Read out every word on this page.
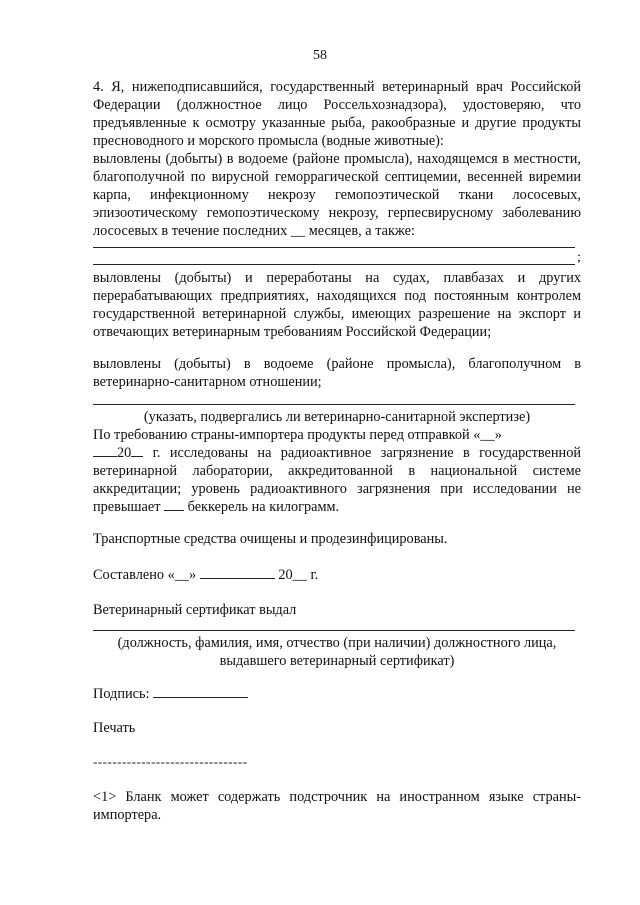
58
4. Я, нижеподписавшийся, государственный ветеринарный врач Российской Федерации (должностное лицо Россельхознадзора), удостоверяю, что предъявленные к осмотру указанные рыба, ракообразные и другие продукты пресноводного и морского промысла (водные животные):
выловлены (добыты) в водоеме (районе промысла), находящемся в местности, благополучной по вирусной геморрагической септицемии, весенней виремии карпа, инфекционному некрозу гемопоэтической ткани лососевых, эпизоотическому гемопоэтическому некрозу, герпесвирусному заболеванию лососевых в течение последних __ месяцев, а также:
;
выловлены (добыты) и переработаны на судах, плавбазах и других перерабатывающих предприятиях, находящихся под постоянным контролем государственной ветеринарной службы, имеющих разрешение на экспорт и отвечающих ветеринарным требованиям Российской Федерации;
выловлены (добыты) в водоеме (районе промысла), благополучном в ветеринарно-санитарном отношении;
(указать, подвергались ли ветеринарно-санитарной экспертизе)
По требованию страны-импортера продукты перед отправкой «__»
20 г. исследованы на радиоактивное загрязнение в государственной ветеринарной лаборатории, аккредитованной в национальной системе аккредитации; уровень радиоактивного загрязнения при исследовании не превышает беккерель на килограмм.
Транспортные средства очищены и продезинфицированы.
Составлено «__»	20__ г.
Ветеринарный сертификат выдал
(должность, фамилия, имя, отчество (при наличии) должностного лица,
выдавшего ветеринарный сертификат)
Подпись:
Печать
--------------------------------
<1> Бланк может содержать подстрочник на иностранном языке страны-импортера.
